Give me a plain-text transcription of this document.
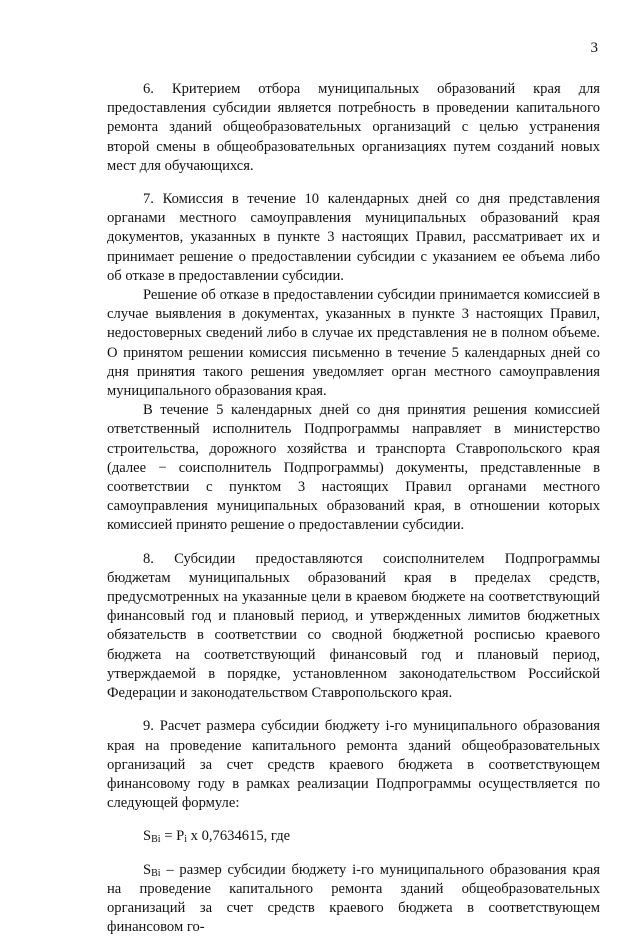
3

6. Критерием отбора муниципальных образований края для предоставления субсидии является потребность в проведении капитального ремонта зданий общеобразовательных организаций с целью устранения второй смены в общеобразовательных организациях путем созданий новых мест для обучающихся.

7. Комиссия в течение 10 календарных дней со дня представления органами местного самоуправления муниципальных образований края документов, указанных в пункте 3 настоящих Правил, рассматривает их и принимает решение о предоставлении субсидии с указанием ее объема либо об отказе в предоставлении субсидии.

Решение об отказе в предоставлении субсидии принимается комиссией в случае выявления в документах, указанных в пункте 3 настоящих Правил, недостоверных сведений либо в случае их представления не в полном объеме. О принятом решении комиссия письменно в течение 5 календарных дней со дня принятия такого решения уведомляет орган местного самоуправления муниципального образования края.

В течение 5 календарных дней со дня принятия решения комиссией ответственный исполнитель Подпрограммы направляет в министерство строительства, дорожного хозяйства и транспорта Ставропольского края (далее − соисполнитель Подпрограммы) документы, представленные в соответствии с пунктом 3 настоящих Правил органами местного самоуправления муниципальных образований края, в отношении которых комиссией принято решение о предоставлении субсидии.

8. Субсидии предоставляются соисполнителем Подпрограммы бюджетам муниципальных образований края в пределах средств, предусмотренных на указанные цели в краевом бюджете на соответствующий финансовый год и плановый период, и утвержденных лимитов бюджетных обязательств в соответствии со сводной бюджетной росписью краевого бюджета на соответствующий финансовый год и плановый период, утверждаемой в порядке, установленном законодательством Российской Федерации и законодательством Ставропольского края.

9. Расчет размера субсидии бюджету i-го муниципального образования края на проведение капитального ремонта зданий общеобразовательных организаций за счет средств краевого бюджета в соответствующем финансовому году в рамках реализации Подпрограммы осуществляется по следующей формуле:

$S_{Bi} = P_i$ x 0,7634615, где

$S_{Bi}$ – размер субсидии бюджету i-го муниципального образования края на проведение капитального ремонта зданий общеобразовательных организаций за счет средств краевого бюджета в соответствующем финансовом го-
